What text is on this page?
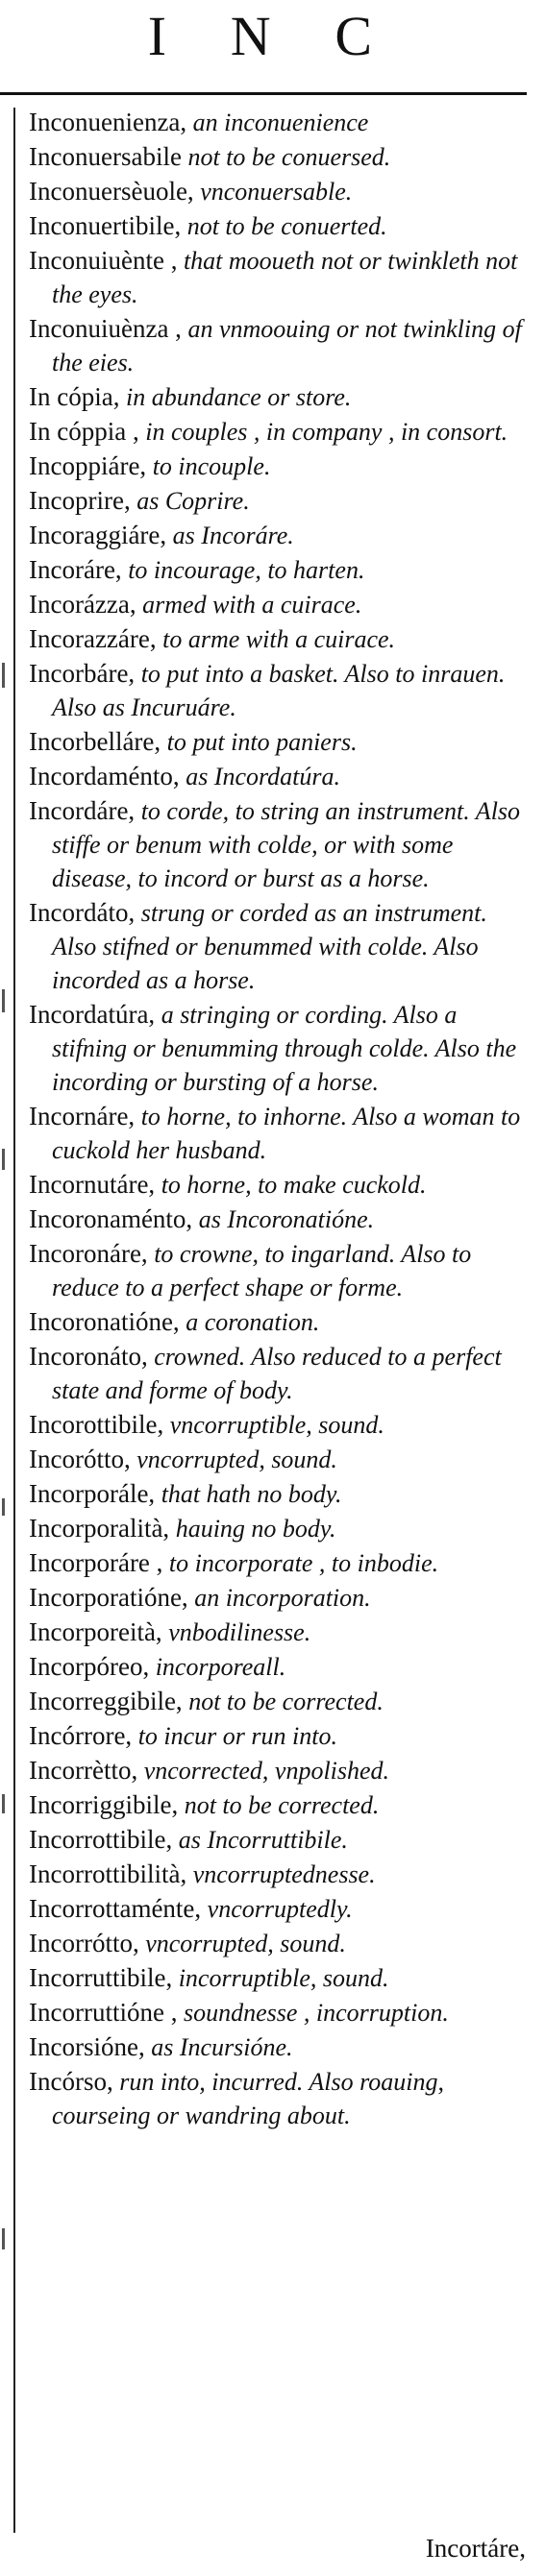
I N C
Inconuenienza, an inconuenience
Inconuersabile not to be conuersed.
Inconuersèuole, vnconuersable.
Inconuertibile, not to be conuerted.
Inconuiuènte , that mooueth not or twinkleth not the eyes.
Inconuiuènza , an vnmoouing or not twinkling of the eies.
In cópia, in abundance or store.
In cóppia , in couples , in company , in consort.
Incoppiáre, to incouple.
Incoprire, as Coprire.
Incoraggiáre, as Incoráre.
Incoráre, to incourage, to harten.
Incorázza, armed with a cuirace.
Incorazzáre, to arme with a cuirace.
Incorbáre, to put into a basket. Also to inrauen. Also as Incuruáre.
Incorbelláre, to put into paniers.
Incordaménto, as Incordatúra.
Incordáre, to corde, to string an instrument. Also stiffe or benum with colde, or with some disease, to incord or burst as a horse.
Incordáto, strung or corded as an instrument. Also stifned or benummed with colde. Also incorded as a horse.
Incordatúra, a stringing or cording. Also a stifning or benumming through colde. Also the incording or bursting of a horse.
Incornáre, to horne, to inhorne. Also a woman to cuckold her husband.
Incornutáre, to horne, to make cuckold.
Incoronaménto, as Incoronatióne.
Incoronáre, to crowne, to ingarland. Also to reduce to a perfect shape or forme.
Incoronatióne, a coronation.
Incoronáto, crowned. Also reduced to a perfect state and forme of body.
Incorottibile, vncorruptible, sound.
Incorótto, vncorrupted, sound.
Incorporále, that hath no body.
Incorporalità, hauing no body.
Incorporáre , to incorporate , to inbodie.
Incorporatióne, an incorporation.
Incorporeità, vnbodilinesse.
Incorpóreo, incorporeall.
Incorreggibile, not to be corrected.
Incórrore, to incur or run into.
Incorrètto, vncorrected, vnpolished.
Incorriggibile, not to be corrected.
Incorrottibile, as Incorruttibile.
Incorrottibilità, vncorruptednesse.
Incorrottaménte, vncorruptedly.
Incorrótto, vncorrupted, sound.
Incorruttibile, incorruptible, sound.
Incorruttióne , soundnesse , incorruption.
Incorsióne, as Incursióne.
Incórso, run into, incurred. Also roauing, courseing or wandring about.
Incortáre,
